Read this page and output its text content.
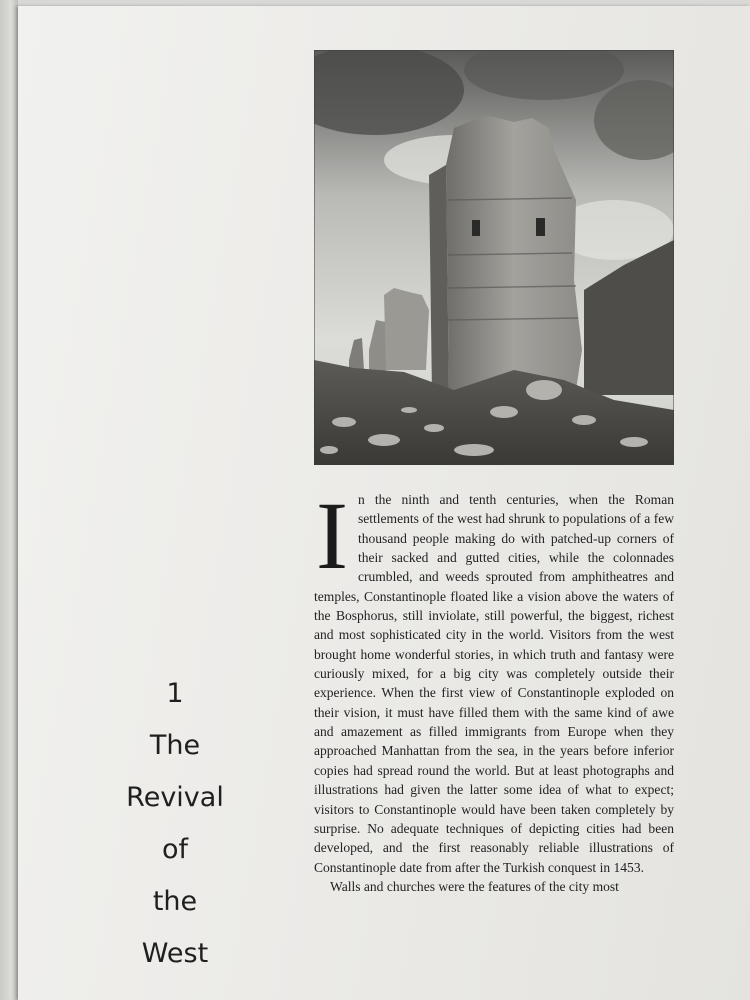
1
The
Revival
of
the
West

In the ninth and tenth centuries, when the Roman settlements of the west had shrunk to populations of a few thousand people making do with patched-up corners of their sacked and gutted cities, while the colonnades crumbled, and weeds sprouted from amphitheatres and temples, Constantinople floated like a vision above the waters of the Bosphorus, still inviolate, still powerful, the biggest, richest and most sophisticated city in the world. Visitors from the west brought home wonderful stories, in which truth and fantasy were curiously mixed, for a big city was completely outside their experience. When the first view of Constantinople exploded on their vision, it must have filled them with the same kind of awe and amazement as filled immigrants from Europe when they approached Manhattan from the sea, in the years before inferior copies had spread round the world. But at least photographs and illustrations had given the latter some idea of what to expect; visitors to Constantinople would have been taken completely by surprise. No adequate techniques of depicting cities had been developed, and the first reasonably reliable illustrations of Constantinople date from after the Turkish conquest in 1453.

Walls and churches were the features of the city most
